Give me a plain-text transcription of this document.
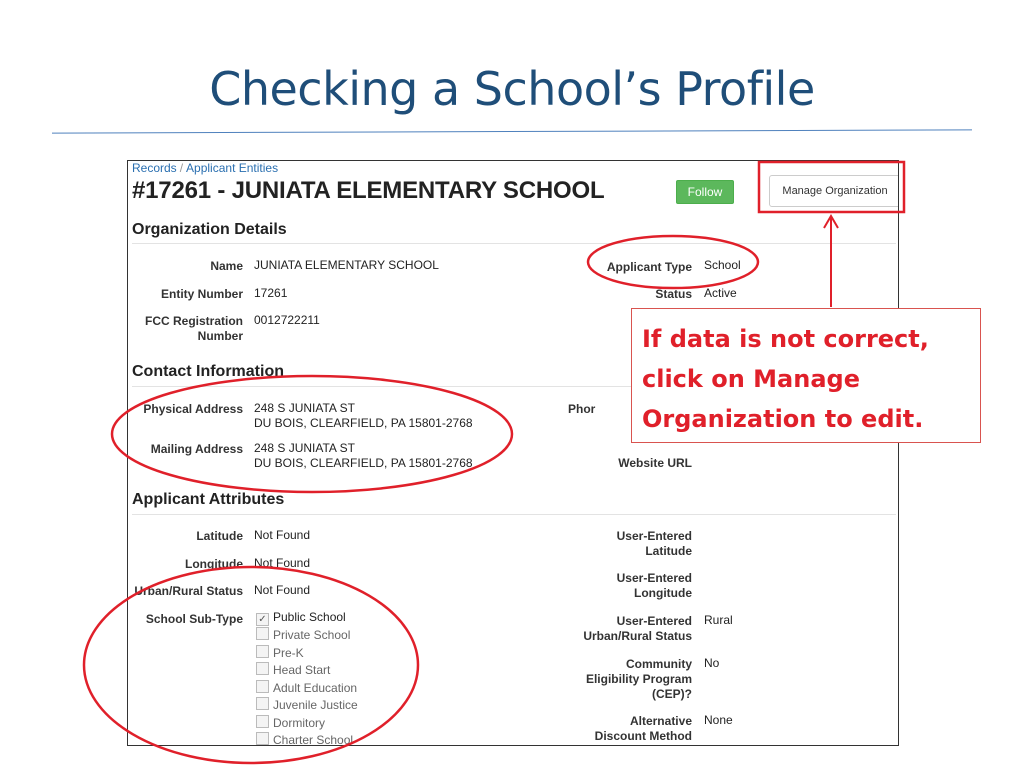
Checking a School’s Profile
Records / Applicant Entities
#17261 - JUNIATA ELEMENTARY SCHOOL	Follow	Manage Organization
Organization Details
Name JUNIATA ELEMENTARY SCHOOL
Entity Number 17261
FCC Registration
Number
0012722211
Applicant Type School
Status Active
Contact Information
Physical Address 248 S JUNIATA ST
DU BOIS, CLEARFIELD, PA 15801-2768
Mailing Address 248 S JUNIATA ST
DU BOIS, CLEARFIELD, PA 15801-2768
Phor
Website URL
Applicant Attributes
Latitude Not Found
Longitude Not Found
Urban/Rural Status Not Found
School Sub-Type ✓ Public School
Private School
Pre-K
Head Start
Adult Education
Juvenile Justice
Dormitory
Charter School
User-Entered
Latitude
User-Entered
Longitude
User-Entered
Urban/Rural Status
Rural
Community
Eligibility Program
(CEP)?
No
Alternative
Discount Method
None
If data is not correct,
click on Manage
Organization to edit.
